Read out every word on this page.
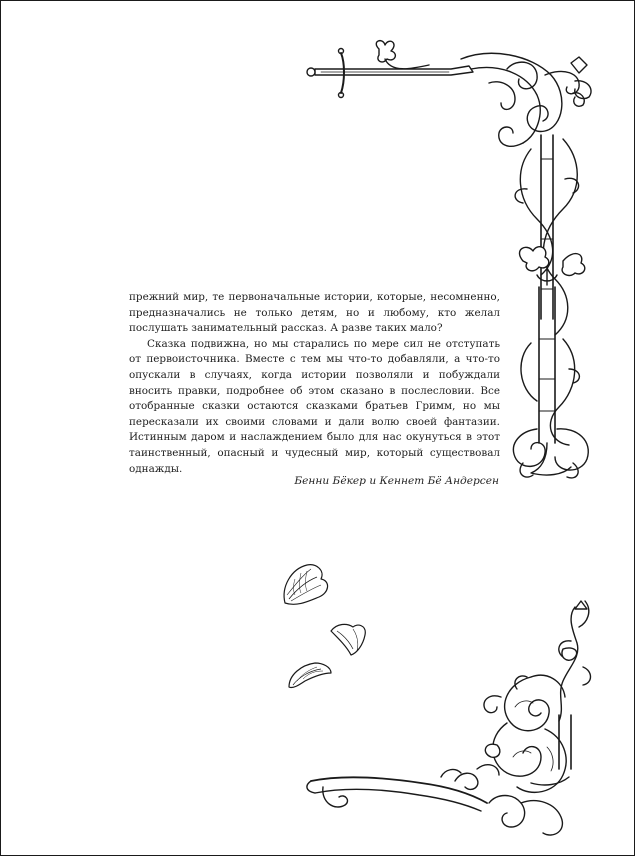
прежний мир, те первоначальные истории, которые, несомненно, предназначались не только детям, но и любому, кто желал послушать занимательный рассказ. А разве таких мало?

Сказка подвижна, но мы старались по мере сил не отступать от первоисточника. Вместе с тем мы что-то добавляли, а что-то опускали в случаях, когда истории позволяли и побуждали вносить правки, подробнее об этом сказано в послесловии. Все отобранные сказки остаются сказками братьев Гримм, но мы пересказали их своими словами и дали волю своей фантазии. Истинным даром и наслаждением было для нас окунуться в этот таинственный, опасный и чудесный мир, который существовал однажды.

Бенни Бёкер и Кеннет Бё Андерсен
